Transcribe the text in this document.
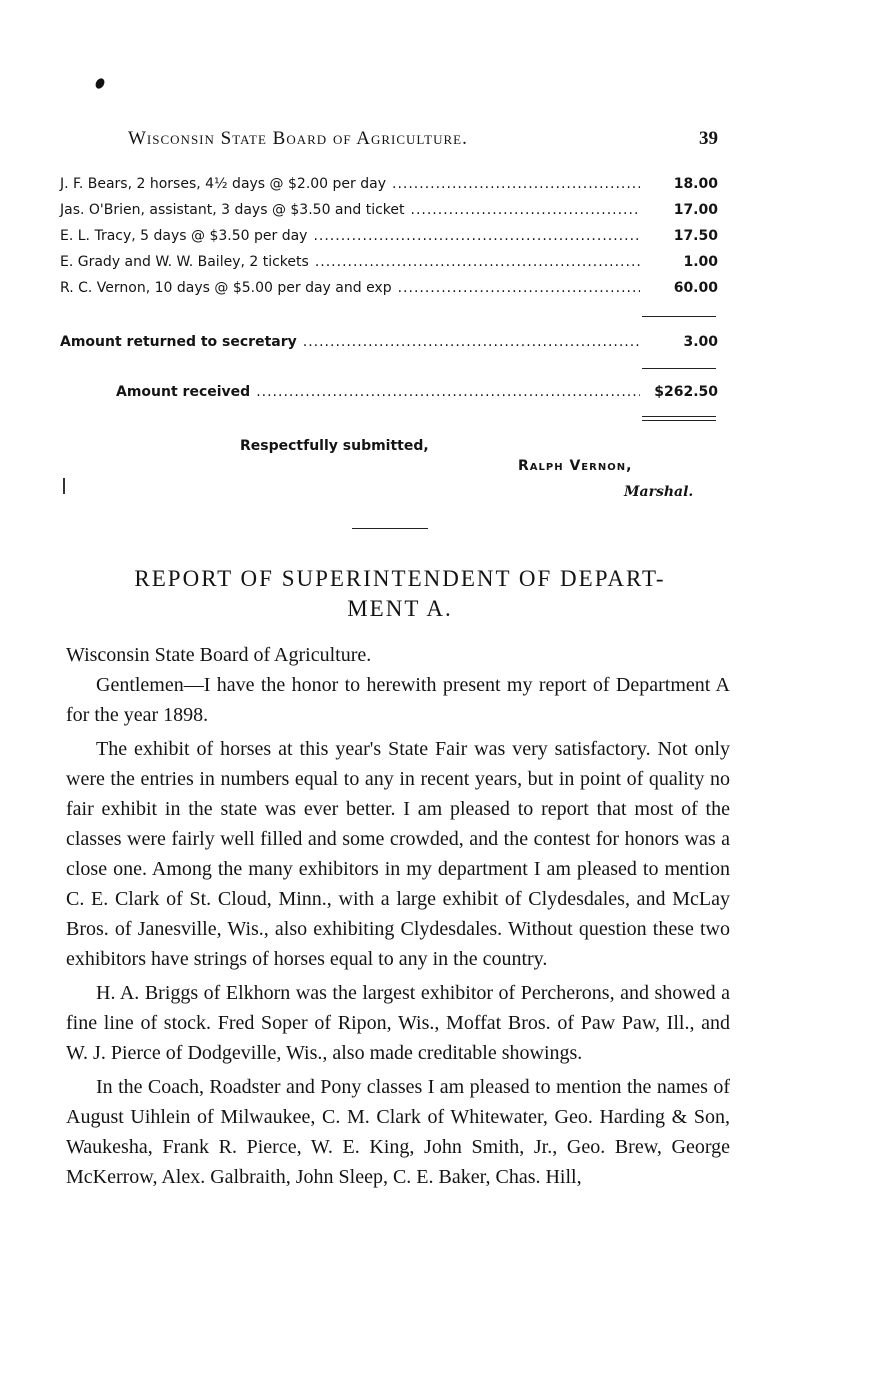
Wisconsin State Board of Agriculture.	39
J. F. Bears, 2 horses, 4½ days @ $2.00 per day .....	18.00
Jas. O'Brien, assistant, 3 days @ $3.50 and ticket .....	17.00
E. L. Tracy, 5 days @ $3.50 per day .....	17.50
E. Grady and W. W. Bailey, 2 tickets .....	1.00
R. C. Vernon, 10 days @ $5.00 per day and exp .....	60.00
Amount returned to secretary .....	3.00
Amount received .....	$262.50
Respectfully submitted,
Ralph Vernon,
Marshal.
REPORT OF SUPERINTENDENT OF DEPART-
MENT A.

Wisconsin State Board of Agriculture.

Gentlemen—I have the honor to herewith present my report of Department A for the year 1898.

The exhibit of horses at this year's State Fair was very satisfactory. Not only were the entries in numbers equal to any in recent years, but in point of quality no fair exhibit in the state was ever better. I am pleased to report that most of the classes were fairly well filled and some crowded, and the contest for honors was a close one. Among the many exhibitors in my department I am pleased to mention C. E. Clark of St. Cloud, Minn., with a large exhibit of Clydesdales, and McLay Bros. of Janesville, Wis., also exhibiting Clydesdales. Without question these two exhibitors have strings of horses equal to any in the country.

H. A. Briggs of Elkhorn was the largest exhibitor of Percherons, and showed a fine line of stock. Fred Soper of Ripon, Wis., Moffat Bros. of Paw Paw, Ill., and W. J. Pierce of Dodgeville, Wis., also made creditable showings.

In the Coach, Roadster and Pony classes I am pleased to mention the names of August Uihlein of Milwaukee, C. M. Clark of Whitewater, Geo. Harding & Son, Waukesha, Frank R. Pierce, W. E. King, John Smith, Jr., Geo. Brew, George McKerrow, Alex. Galbraith, John Sleep, C. E. Baker, Chas. Hill,
